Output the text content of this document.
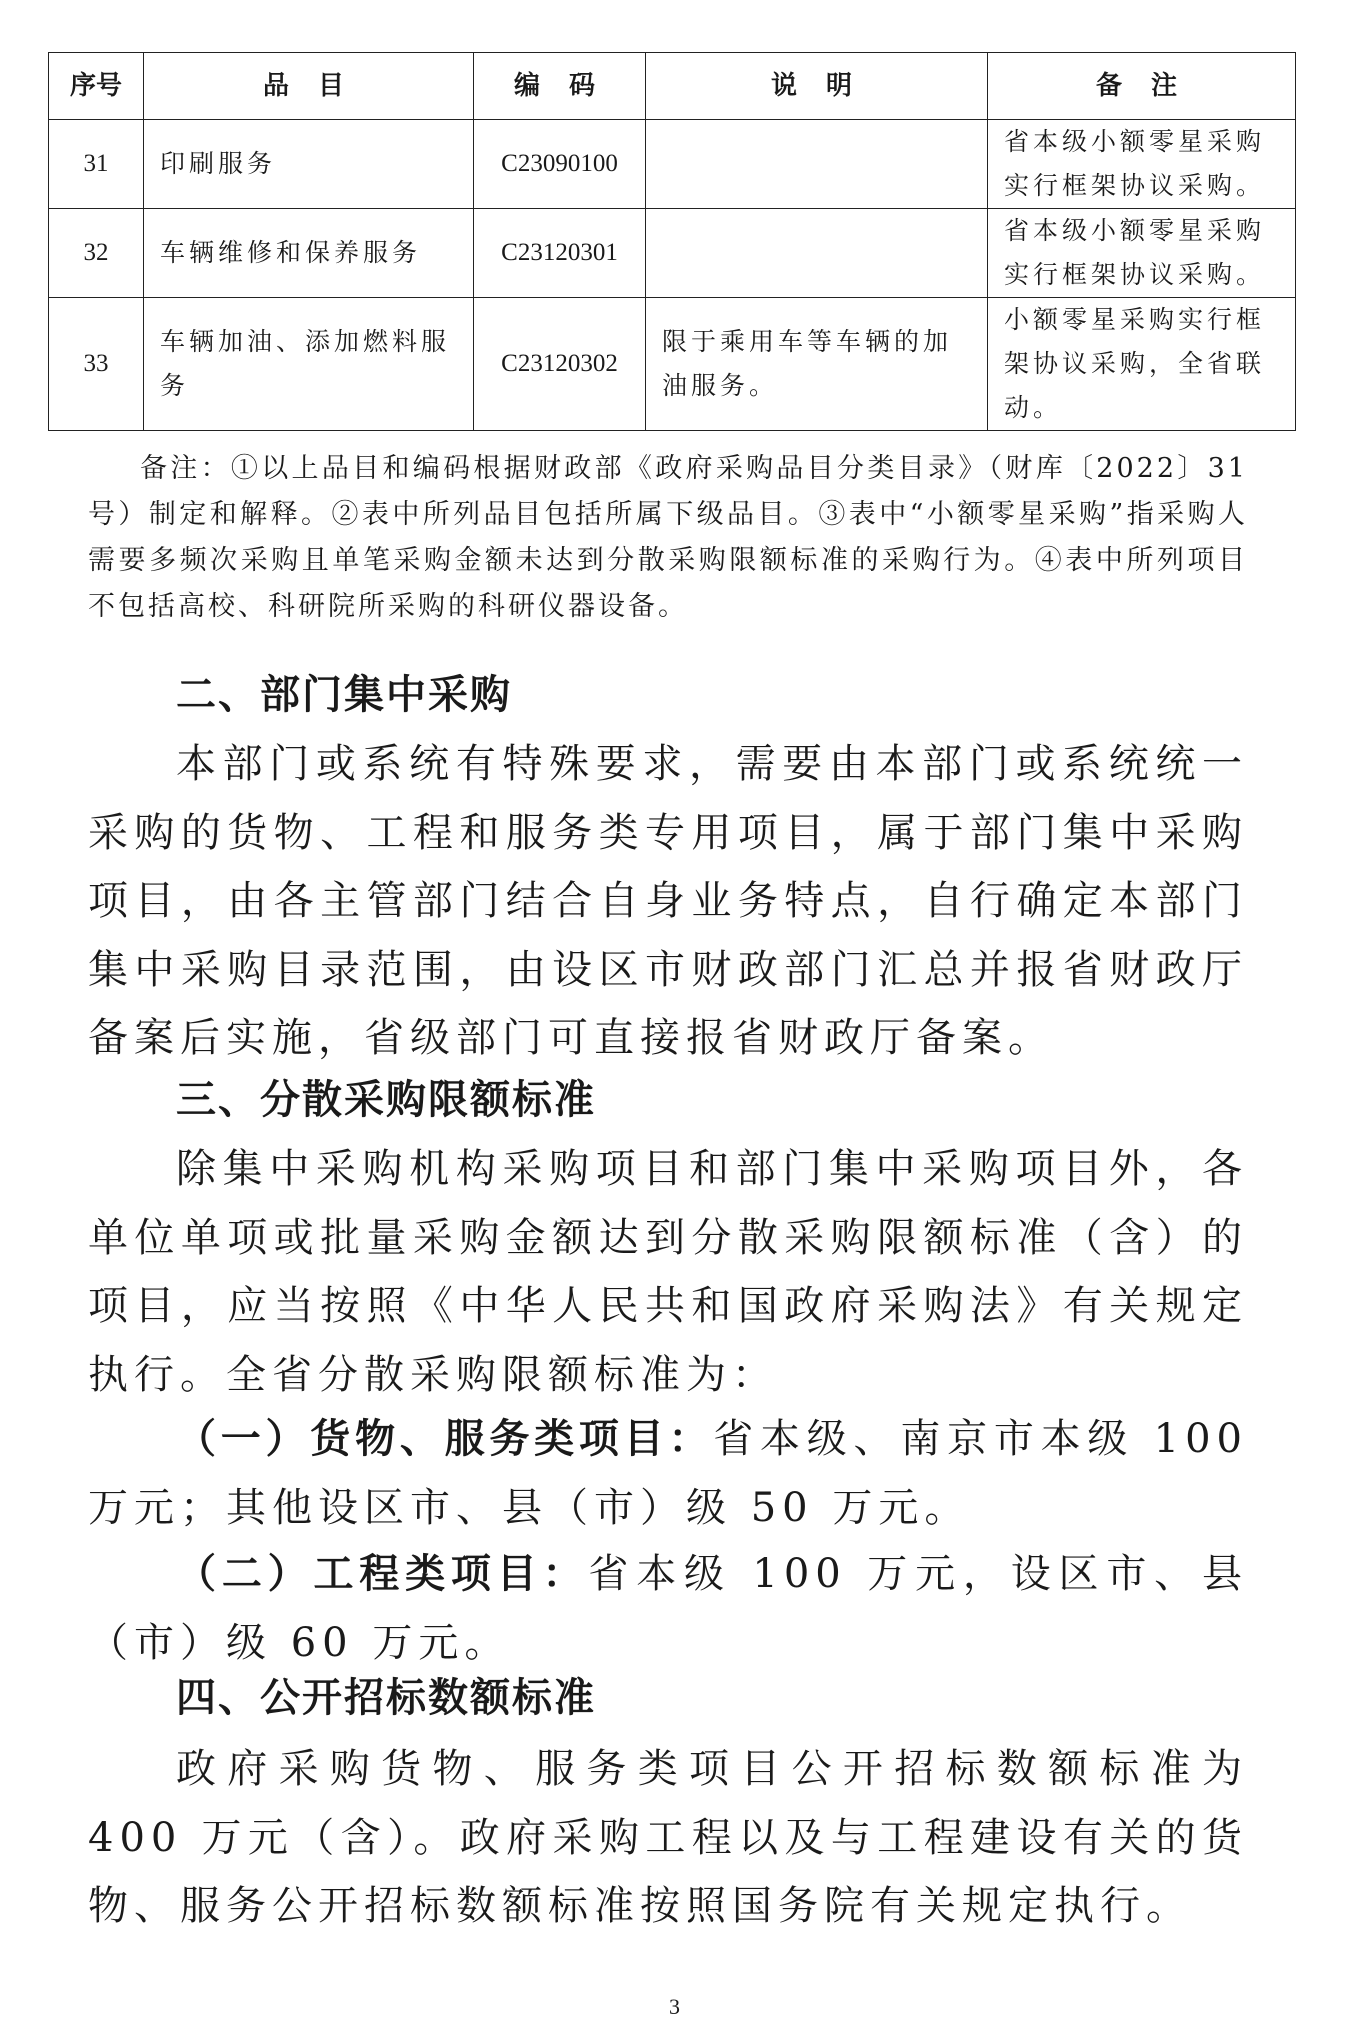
序号	品 目	编 码	说 明	备 注
31	印刷服务	C23090100		省本级小额零星采购实行框架协议采购。
32	车辆维修和保养服务	C23120301		省本级小额零星采购实行框架协议采购。
33	车辆加油、添加燃料服务	C23120302	限于乘用车等车辆的加油服务。	小额零星采购实行框架协议采购，全省联动。

备注：①以上品目和编码根据财政部《政府采购品目分类目录》（财库〔2022〕31号）制定和解释。②表中所列品目包括所属下级品目。③表中“小额零星采购”指采购人需要多频次采购且单笔采购金额未达到分散采购限额标准的采购行为。④表中所列项目不包括高校、科研院所采购的科研仪器设备。

二、部门集中采购

本部门或系统有特殊要求，需要由本部门或系统统一采购的货物、工程和服务类专用项目，属于部门集中采购项目，由各主管部门结合自身业务特点，自行确定本部门集中采购目录范围，由设区市财政部门汇总并报省财政厅备案后实施，省级部门可直接报省财政厅备案。

三、分散采购限额标准

除集中采购机构采购项目和部门集中采购项目外，各单位单项或批量采购金额达到分散采购限额标准（含）的项目，应当按照《中华人民共和国政府采购法》有关规定执行。全省分散采购限额标准为：

（一）货物、服务类项目：省本级、南京市本级 100 万元；其他设区市、县（市）级 50 万元。

（二）工程类项目：省本级 100 万元，设区市、县（市）级 60 万元。

四、公开招标数额标准

政府采购货物、服务类项目公开招标数额标准为 400 万元（含）。政府采购工程以及与工程建设有关的货物、服务公开招标数额标准按照国务院有关规定执行。

3
